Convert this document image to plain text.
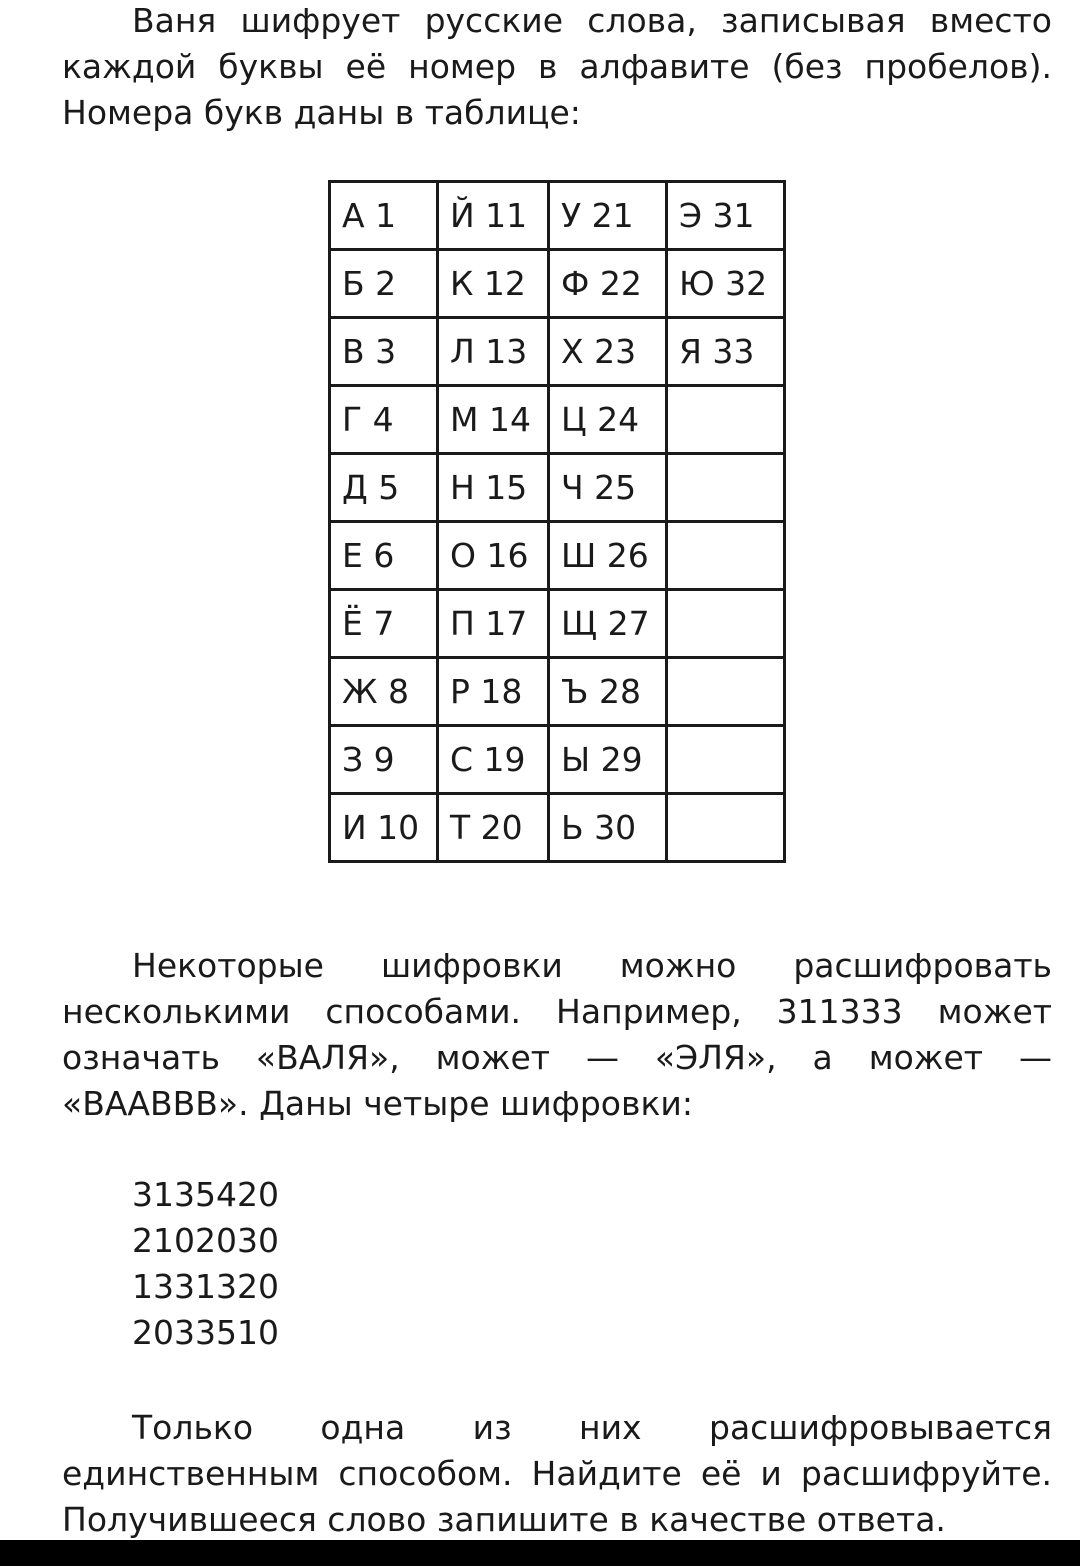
Ваня шифрует русские слова, записывая вместо каждой буквы её номер в алфавите (без пробелов). Номера букв даны в таблице:

А 1	Й 11	У 21	Э 31
Б 2	К 12	Ф 22	Ю 32
В 3	Л 13	Х 23	Я 33
Г 4	М 14	Ц 24	
Д 5	Н 15	Ч 25	
Е 6	О 16	Ш 26	
Ё 7	П 17	Щ 27	
Ж 8	Р 18	Ъ 28	
З 9	С 19	Ы 29	
И 10	Т 20	Ь 30	

Некоторые шифровки можно расшифровать несколькими способами. Например, 311333 может означать «ВАЛЯ», может — «ЭЛЯ», а может — «ВААВВВ». Даны четыре шифровки:

3135420
2102030
1331320
2033510

Только одна из них расшифровывается единственным способом. Найдите её и расшифруйте. Получившееся слово запишите в качестве ответа.
